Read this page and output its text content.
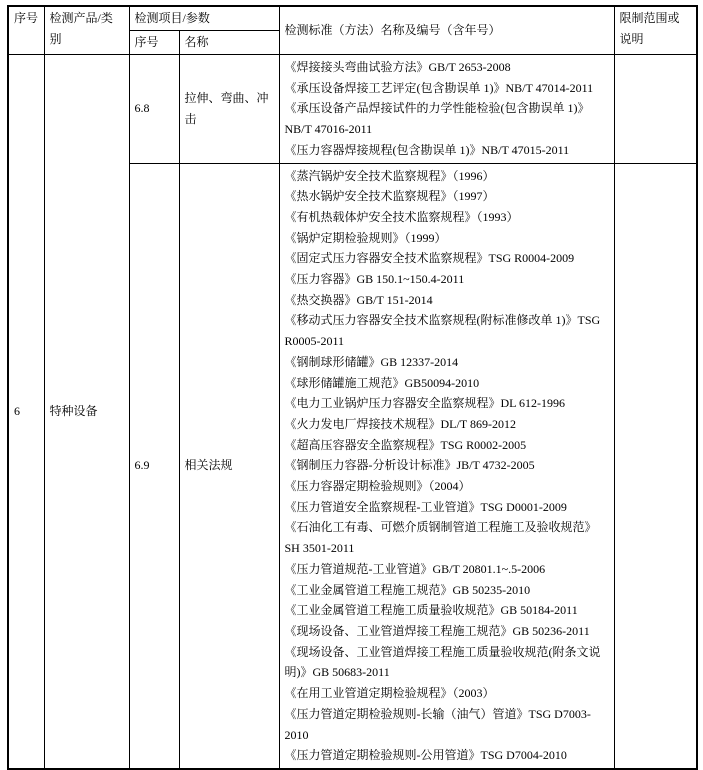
序号	检测产品/类别	检测项目/参数		检测标准（方法）名称及编号（含年号）	限制范围或说明
		序号	名称		
6	特种设备	6.8	拉伸、弯曲、冲击	《焊接接头弯曲试验方法》GB/T 2653-2008
《承压设备焊接工艺评定(包含勘误单 1)》NB/T 47014-2011
《承压设备产品焊接试件的力学性能检验(包含勘误单 1)》NB/T 47016-2011
《压力容器焊接规程(包含勘误单 1)》NB/T 47015-2011	

6.9	相关法规	
《蒸汽锅炉安全技术监察规程》（1996）
《热水锅炉安全技术监察规程》（1997）
《有机热载体炉安全技术监察规程》（1993）
《锅炉定期检验规则》（1999）
《固定式压力容器安全技术监察规程》TSG R0004-2009
《压力容器》GB 150.1~150.4-2011
《热交换器》GB/T 151-2014
《移动式压力容器安全技术监察规程(附标准修改单 1)》TSG R0005-2011
《钢制球形储罐》GB 12337-2014
《球形储罐施工规范》GB50094-2010
《电力工业锅炉压力容器安全监察规程》DL 612-1996
《火力发电厂焊接技术规程》DL/T 869-2012
《超高压容器安全监察规程》TSG R0002-2005
《钢制压力容器-分析设计标准》JB/T 4732-2005
《压力容器定期检验规则》（2004）
《压力管道安全监察规程-工业管道》TSG D0001-2009
《石油化工有毒、可燃介质钢制管道工程施工及验收规范》SH 3501-2011
《压力管道规范-工业管道》GB/T 20801.1~.5-2006
《工业金属管道工程施工规范》GB 50235-2010
《工业金属管道工程施工质量验收规范》GB 50184-2011
《现场设备、工业管道焊接工程施工规范》GB 50236-2011
《现场设备、工业管道焊接工程施工质量验收规范(附条文说明)》GB 50683-2011
《在用工业管道定期检验规程》（2003）
《压力管道定期检验规则-长输（油气）管道》TSG D7003-2010
《压力管道定期检验规则-公用管道》TSG D7004-2010
